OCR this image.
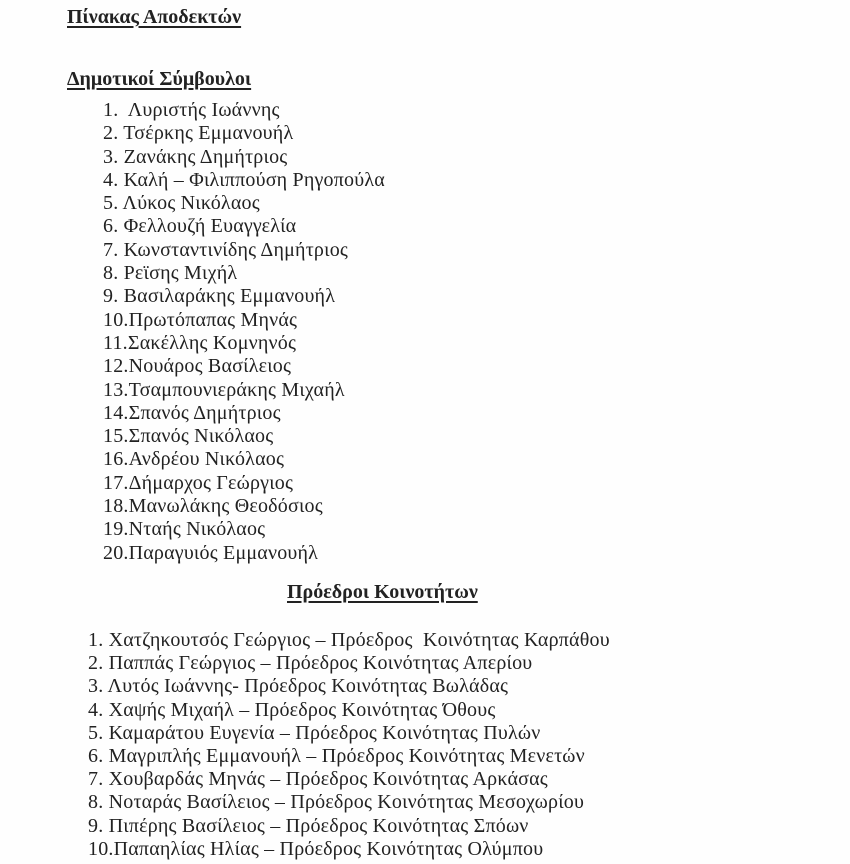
Πίνακας Αποδεκτών
Δημοτικοί Σύμβουλοι
1.  Λυριστής Ιωάννης
2. Τσέρκης Εμμανουήλ
3. Ζανάκης Δημήτριος
4. Καλή – Φιλιππούση Ρηγοπούλα
5. Λύκος Νικόλαος
6. Φελλουζή Ευαγγελία
7. Κωνσταντινίδης Δημήτριος
8. Ρεϊσης Μιχήλ
9. Βασιλαράκης Εμμανουήλ
10.Πρωτόπαπας Μηνάς
11.Σακέλλης Κομνηνός
12.Νουάρος Βασίλειος
13.Τσαμπουνιεράκης Μιχαήλ
14.Σπανός Δημήτριος
15.Σπανός Νικόλαος
16.Ανδρέου Νικόλαος
17.Δήμαρχος Γεώργιος
18.Μανωλάκης Θεοδόσιος
19.Νταής Νικόλαος
20.Παραγυιός Εμμανουήλ
Πρόεδροι Κοινοτήτων
1. Χατζηκουτσός Γεώργιος – Πρόεδρος  Κοινότητας Καρπάθου
2. Παππάς Γεώργιος – Πρόεδρος Κοινότητας Απερίου
3. Λυτός Ιωάννης- Πρόεδρος Κοινότητας Βωλάδας
4. Χαψής Μιχαήλ – Πρόεδρος Κοινότητας Όθους
5. Καμαράτου Ευγενία – Πρόεδρος Κοινότητας Πυλών
6. Μαγριπλής Εμμανουήλ – Πρόεδρος Κοινότητας Μενετών
7. Χουβαρδάς Μηνάς – Πρόεδρος Κοινότητας Αρκάσας
8. Νοταράς Βασίλειος – Πρόεδρος Κοινότητας Μεσοχωρίου
9. Πιπέρης Βασίλειος – Πρόεδρος Κοινότητας Σπόων
10.Παπαηλίας Ηλίας – Πρόεδρος Κοινότητας Ολύμπου
